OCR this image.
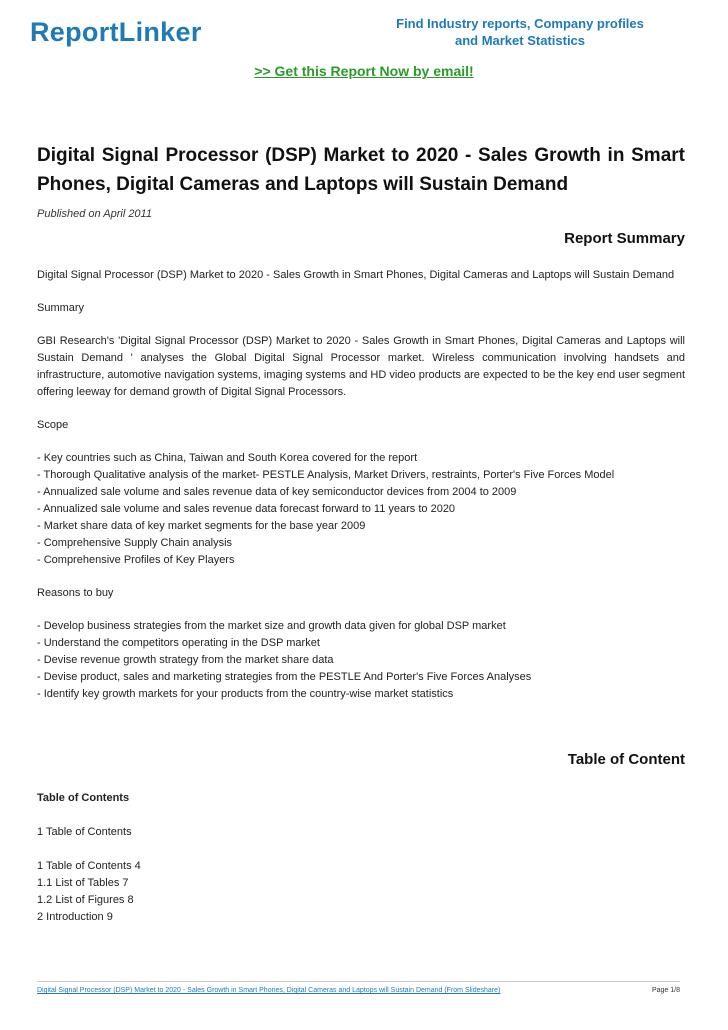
ReportLinker	Find Industry reports, Company profiles
and Market Statistics
>> Get this Report Now by email!
Digital Signal Processor (DSP) Market to 2020 - Sales Growth in Smart Phones, Digital Cameras and Laptops will Sustain Demand
Published on April 2011
Report Summary

Digital Signal Processor (DSP) Market to 2020 - Sales Growth in Smart Phones, Digital Cameras and Laptops will Sustain Demand

Summary

GBI Research's 'Digital Signal Processor (DSP) Market to 2020 - Sales Growth in Smart Phones, Digital Cameras and Laptops will Sustain Demand ' analyses the Global Digital Signal Processor market. Wireless communication involving handsets and infrastructure, automotive navigation systems, imaging systems and HD video products are expected to be the key end user segment offering leeway for demand growth of Digital Signal Processors.

Scope

- Key countries such as China, Taiwan and South Korea covered for the report

- Thorough Qualitative analysis of the market- PESTLE Analysis, Market Drivers, restraints, Porter's Five Forces Model

- Annualized sale volume and sales revenue data of key semiconductor devices from 2004 to 2009

- Annualized sale volume and sales revenue data forecast forward to 11 years to 2020

- Market share data of key market segments for the base year 2009

- Comprehensive Supply Chain analysis

- Comprehensive Profiles of Key Players

Reasons to buy

- Develop business strategies from the market size and growth data given for global DSP market

- Understand the competitors operating in the DSP market

- Devise revenue growth strategy from the market share data

- Devise product, sales and marketing strategies from the PESTLE And Porter's Five Forces Analyses

- Identify key growth markets for your products from the country-wise market statistics

Table of Content

Table of Contents

1 Table of Contents

1 Table of Contents 4

1.1 List of Tables 7

1.2 List of Figures 8

2 Introduction 9

Digital Signal Processor (DSP) Market to 2020 - Sales Growth in Smart Phones, Digital Cameras and Laptops will Sustain Demand (From Slideshare)	Page 1/8
